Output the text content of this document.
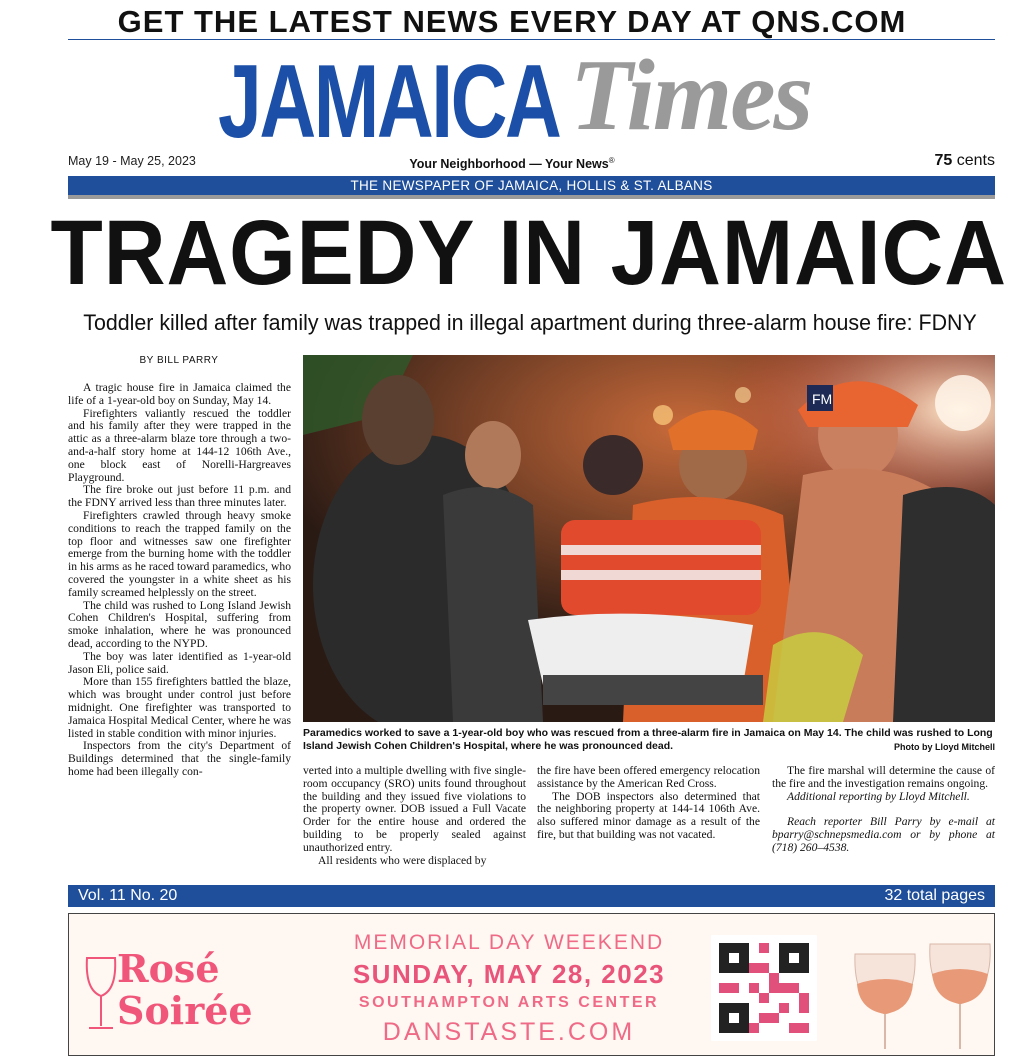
GET THE LATEST NEWS EVERY DAY AT QNS.COM
JAMAICA Times
May 19 - May 25, 2023	Your Neighborhood — Your News®	75 cents
THE NEWSPAPER OF JAMAICA, HOLLIS & ST. ALBANS
TRAGEDY IN JAMAICA
Toddler killed after family was trapped in illegal apartment during three-alarm house fire: FDNY
BY BILL PARRY

A tragic house fire in Jamaica claimed the life of a 1-year-old boy on Sunday, May 14.

Firefighters valiantly rescued the toddler and his family after they were trapped in the attic as a three-alarm blaze tore through a two-and-a-half story home at 144-12 106th Ave., one block east of Norelli-Hargreaves Playground.

The fire broke out just before 11 p.m. and the FDNY arrived less than three minutes later.

Firefighters crawled through heavy smoke conditions to reach the trapped family on the top floor and witnesses saw one firefighter emerge from the burning home with the toddler in his arms as he raced toward paramedics, who covered the youngster in a white sheet as his family screamed helplessly on the street.

The child was rushed to Long Island Jewish Cohen Children's Hospital, suffering from smoke inhalation, where he was pronounced dead, according to the NYPD.

The boy was later identified as 1-year-old Jason Eli, police said.

More than 155 firefighters battled the blaze, which was brought under control just before midnight. One firefighter was transported to Jamaica Hospital Medical Center, where he was listed in stable condition with minor injuries.

Inspectors from the city's Department of Buildings determined that the single-family home had been illegally con-

FM
Paramedics worked to save a 1-year-old boy who was rescued from a three-alarm fire in Jamaica on May 14. The child was rushed to Long Island Jewish Cohen Children's Hospital, where he was pronounced dead.	Photo by Lloyd Mitchell

verted into a multiple dwelling with five single-room occupancy (SRO) units found throughout the building and they issued five violations to the property owner. DOB issued a Full Vacate Order for the entire house and ordered the building to be properly sealed against unauthorized entry.

All residents who were displaced by

the fire have been offered emergency relocation assistance by the American Red Cross.

The DOB inspectors also determined that the neighboring property at 144-14 106th Ave. also suffered minor damage as a result of the fire, but that building was not vacated.

The fire marshal will determine the cause of the fire and the investigation remains ongoing.

Additional reporting by Lloyd Mitchell.

Reach reporter Bill Parry by e-mail at bparry@schnepsmedia.com or by phone at (718) 260–4538.

Vol. 11 No. 20	32 total pages
Rosé
Soirée
MEMORIAL DAY WEEKEND
SUNDAY, MAY 28, 2023
SOUTHAMPTON ARTS CENTER
DANSTASTE.COM
